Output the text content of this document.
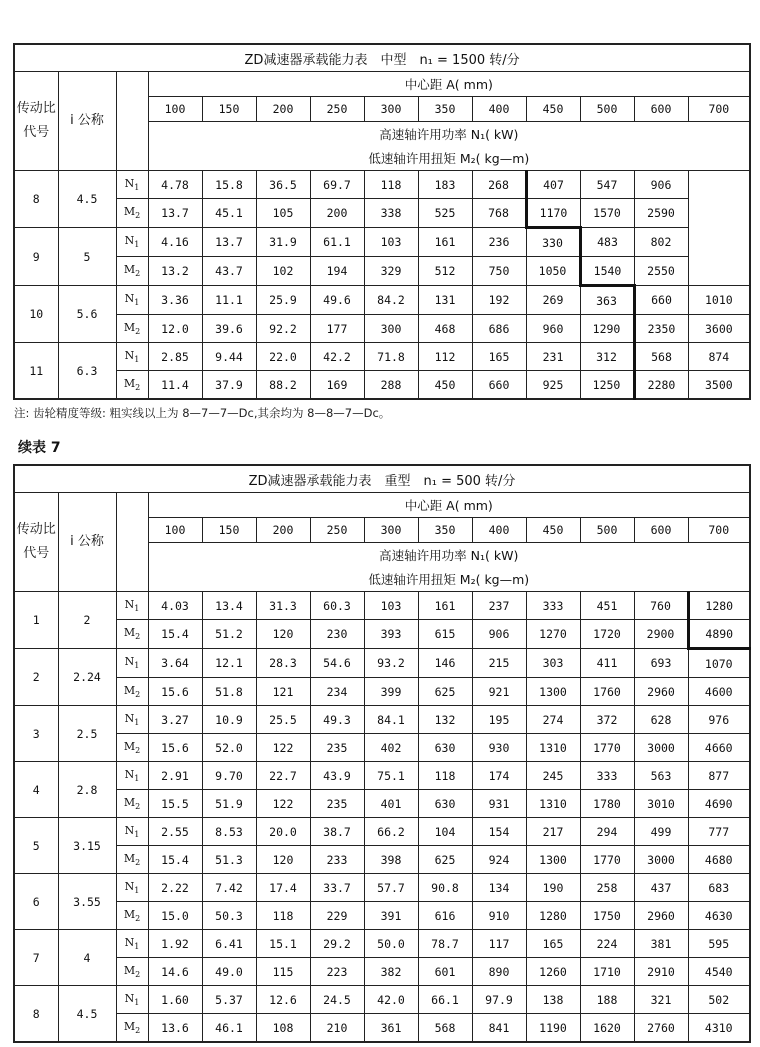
ZD减速器承载能力表　中型　n₁ = 1500 转/分													
传动比代号	i 公称		中心距 A( mm)										
			100	150	200	250	300	350	400	450	500	600	700
			高速轴许用功率 N₁( kW)										
			低速轴许用扭矩 M₂( kg—m)										
8	4.5	$N_1$	4.78	15.8	36.5	69.7	118	183	268	407	547	906	
		$M_2$	13.7	45.1	105	200	338	525	768	1170	1570	2590	
9	5	$N_1$	4.16	13.7	31.9	61.1	103	161	236	330	483	802	
		$M_2$	13.2	43.7	102	194	329	512	750	1050	1540	2550	
10	5.6	$N_1$	3.36	11.1	25.9	49.6	84.2	131	192	269	363	660	1010
		$M_2$	12.0	39.6	92.2	177	300	468	686	960	1290	2350	3600
11	6.3	$N_1$	2.85	9.44	22.0	42.2	71.8	112	165	231	312	568	874
		$M_2$	11.4	37.9	88.2	169	288	450	660	925	1250	2280	3500
注: 齿轮精度等级: 粗实线以上为 8—7—7—Dc,其余均为 8—8—7—Dc。
续表 7
ZD减速器承载能力表　重型　n₁ = 500 转/分													
传动比代号	i 公称		中心距 A( mm)										
			100	150	200	250	300	350	400	450	500	600	700
			高速轴许用功率 N₁( kW)										
			低速轴许用扭矩 M₂( kg—m)										
1	2	$N_1$	4.03	13.4	31.3	60.3	103	161	237	333	451	760	1280
		$M_2$	15.4	51.2	120	230	393	615	906	1270	1720	2900	4890
2	2.24	$N_1$	3.64	12.1	28.3	54.6	93.2	146	215	303	411	693	1070
		$M_2$	15.6	51.8	121	234	399	625	921	1300	1760	2960	4600
3	2.5	$N_1$	3.27	10.9	25.5	49.3	84.1	132	195	274	372	628	976
		$M_2$	15.6	52.0	122	235	402	630	930	1310	1770	3000	4660
4	2.8	$N_1$	2.91	9.70	22.7	43.9	75.1	118	174	245	333	563	877
		$M_2$	15.5	51.9	122	235	401	630	931	1310	1780	3010	4690
5	3.15	$N_1$	2.55	8.53	20.0	38.7	66.2	104	154	217	294	499	777
		$M_2$	15.4	51.3	120	233	398	625	924	1300	1770	3000	4680
6	3.55	$N_1$	2.22	7.42	17.4	33.7	57.7	90.8	134	190	258	437	683
		$M_2$	15.0	50.3	118	229	391	616	910	1280	1750	2960	4630
7	4	$N_1$	1.92	6.41	15.1	29.2	50.0	78.7	117	165	224	381	595
		$M_2$	14.6	49.0	115	223	382	601	890	1260	1710	2910	4540
8	4.5	$N_1$	1.60	5.37	12.6	24.5	42.0	66.1	97.9	138	188	321	502
		$M_2$	13.6	46.1	108	210	361	568	841	1190	1620	2760	4310
